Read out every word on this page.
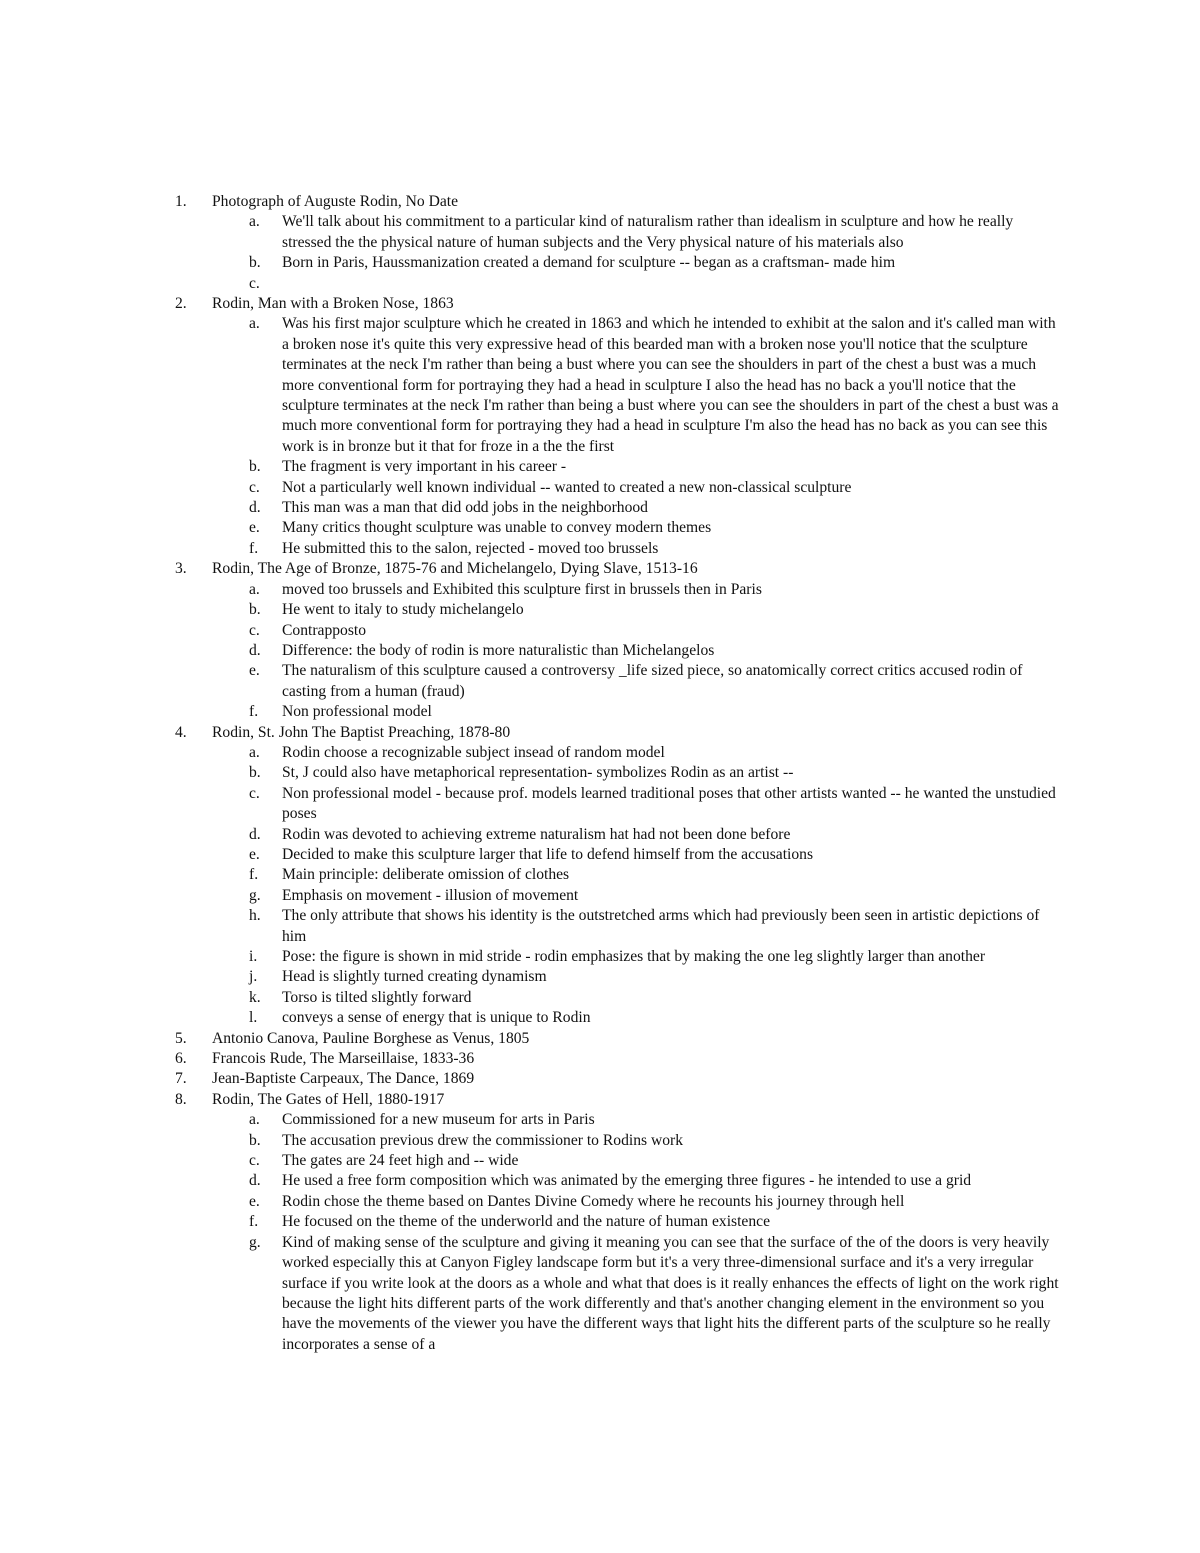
1. Photograph of Auguste Rodin, No Date
a. We'll talk about his commitment to a particular kind of naturalism rather than idealism in sculpture and how he really stressed the the physical nature of human subjects and the Very physical nature of his materials also
b. Born in Paris, Haussmanization created a demand for sculpture -- began as a craftsman- made him
c.
2. Rodin, Man with a Broken Nose, 1863
a. Was his first major sculpture which he created in 1863 and which he intended to exhibit at the salon and it's called man with a broken nose it's quite this very expressive head of this bearded man with a broken nose you'll notice that the sculpture terminates at the neck I'm rather than being a bust where you can see the shoulders in part of the chest a bust was a much more conventional form for portraying they had a head in sculpture I also the head has no back a you'll notice that the sculpture terminates at the neck I'm rather than being a bust where you can see the shoulders in part of the chest a bust was a much more conventional form for portraying they had a head in sculpture I'm also the head has no back as you can see this work is in bronze but it that for froze in a the the first
b. The fragment is very important in his career -
c. Not a particularly well known individual -- wanted to created a new non-classical sculpture
d. This man was a man that did odd jobs in the neighborhood
e. Many critics thought sculpture was unable to convey modern themes
f. He submitted this to the salon, rejected - moved too brussels
3. Rodin, The Age of Bronze, 1875-76 and Michelangelo, Dying Slave, 1513-16
a. moved too brussels and Exhibited this sculpture first in brussels then in Paris
b. He went to italy to study michelangelo
c. Contrapposto
d. Difference: the body of rodin is more naturalistic than Michelangelos
e. The naturalism of this sculpture caused a controversy _life sized piece, so anatomically correct critics accused rodin of casting from a human (fraud)
f. Non professional model
4. Rodin, St. John The Baptist Preaching, 1878-80
a. Rodin choose a recognizable subject insead of random model
b. St, J could also have metaphorical representation- symbolizes Rodin as an artist --
c. Non professional model - because prof. models learned traditional poses that other artists wanted -- he wanted the unstudied poses
d. Rodin was devoted to achieving extreme naturalism hat had not been done before
e. Decided to make this sculpture larger that life to defend himself from the accusations
f. Main principle: deliberate omission of clothes
g. Emphasis on movement - illusion of movement
h. The only attribute that shows his identity is the outstretched arms which had previously been seen in artistic depictions of him
i. Pose: the figure is shown in mid stride - rodin emphasizes that by making the one leg slightly larger than another
j. Head is slightly turned creating dynamism
k. Torso is tilted slightly forward
l. conveys a sense of energy that is unique to Rodin
5. Antonio Canova, Pauline Borghese as Venus, 1805
6. Francois Rude, The Marseillaise, 1833-36
7. Jean-Baptiste Carpeaux, The Dance, 1869
8. Rodin, The Gates of Hell, 1880-1917
a. Commissioned for a new museum for arts in Paris
b. The accusation previous drew the commissioner to Rodins work
c. The gates are 24 feet high and -- wide
d. He used a free form composition which was animated by the emerging three figures - he intended to use a grid
e. Rodin chose the theme based on Dantes Divine Comedy where he recounts his journey through hell
f. He focused on the theme of the underworld and the nature of human existence
g. Kind of making sense of the sculpture and giving it meaning you can see that the surface of the of the doors is very heavily worked especially this at Canyon Figley landscape form but it's a very three-dimensional surface and it's a very irregular surface if you write look at the doors as a whole and what that does is it really enhances the effects of light on the work right because the light hits different parts of the work differently and that's another changing element in the environment so you have the movements of the viewer you have the different ways that light hits the different parts of the sculpture so he really incorporates a sense of a
